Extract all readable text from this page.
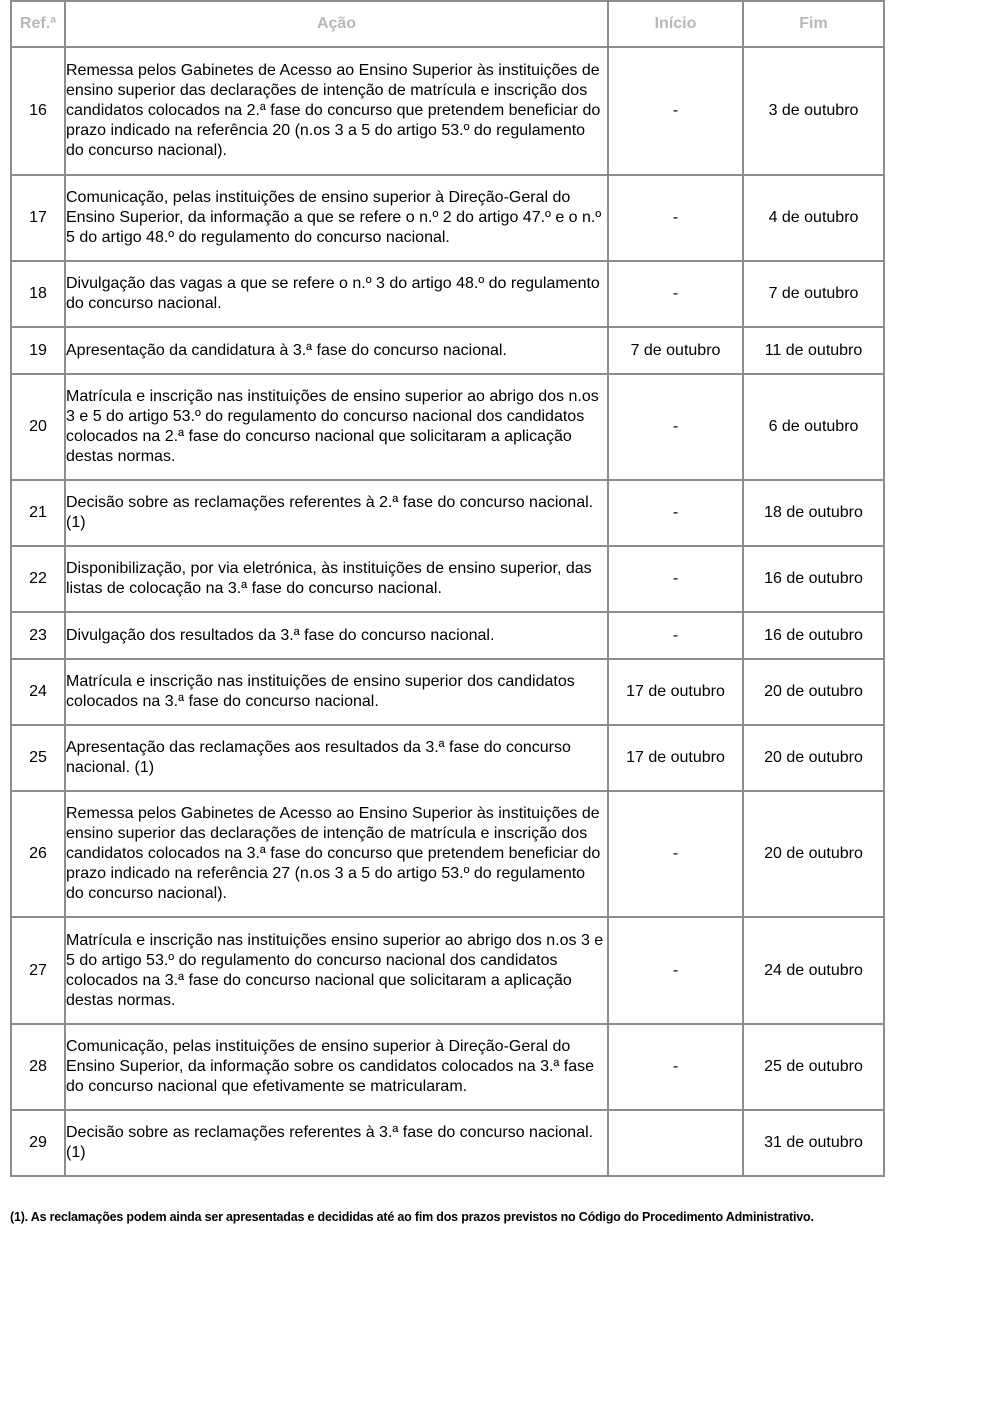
Ref.ª	Ação	Início	Fim
16	Remessa pelos Gabinetes de Acesso ao Ensino Superior às instituições de ensino superior das declarações de intenção de matrícula e inscrição dos candidatos colocados na 2.ª fase do concurso que pretendem beneficiar do prazo indicado na referência 20 (n.os 3 a 5 do artigo 53.º do regulamento do concurso nacional).	-	3 de outubro
17	Comunicação, pelas instituições de ensino superior à Direção-Geral do Ensino Superior, da informação a que se refere o n.º 2 do artigo 47.º e o n.º 5 do artigo 48.º do regulamento do concurso nacional.	-	4 de outubro
18	Divulgação das vagas a que se refere o n.º 3 do artigo 48.º do regulamento do concurso nacional.	-	7 de outubro
19	Apresentação da candidatura à 3.ª fase do concurso nacional.	7 de outubro	11 de outubro
20	Matrícula e inscrição nas instituições de ensino superior ao abrigo dos n.os 3 e 5 do artigo 53.º do regulamento do concurso nacional dos candidatos colocados na 2.ª fase do concurso nacional que solicitaram a aplicação destas normas.	-	6 de outubro
21	Decisão sobre as reclamações referentes à 2.ª fase do concurso nacional. (1)	-	18 de outubro
22	Disponibilização, por via eletrónica, às instituições de ensino superior, das listas de colocação na 3.ª fase do concurso nacional.	-	16 de outubro
23	Divulgação dos resultados da 3.ª fase do concurso nacional.	-	16 de outubro
24	Matrícula e inscrição nas instituições de ensino superior dos candidatos colocados na 3.ª fase do concurso nacional.	17 de outubro	20 de outubro
25	Apresentação das reclamações aos resultados da 3.ª fase do concurso nacional. (1)	17 de outubro	20 de outubro
26	Remessa pelos Gabinetes de Acesso ao Ensino Superior às instituições de ensino superior das declarações de intenção de matrícula e inscrição dos candidatos colocados na 3.ª fase do concurso que pretendem beneficiar do prazo indicado na referência 27 (n.os 3 a 5 do artigo 53.º do regulamento do concurso nacional).	-	20 de outubro
27	Matrícula e inscrição nas instituições ensino superior ao abrigo dos n.os 3 e 5 do artigo 53.º do regulamento do concurso nacional dos candidatos colocados na 3.ª fase do concurso nacional que solicitaram a aplicação destas normas.	-	24 de outubro
28	Comunicação, pelas instituições de ensino superior à Direção-Geral do Ensino Superior, da informação sobre os candidatos colocados na 3.ª fase do concurso nacional que efetivamente se matricularam.	-	25 de outubro
29	Decisão sobre as reclamações referentes à 3.ª fase do concurso nacional. (1)		31 de outubro
(1). As reclamações podem ainda ser apresentadas e decididas até ao fim dos prazos previstos no Código do Procedimento Administrativo.
